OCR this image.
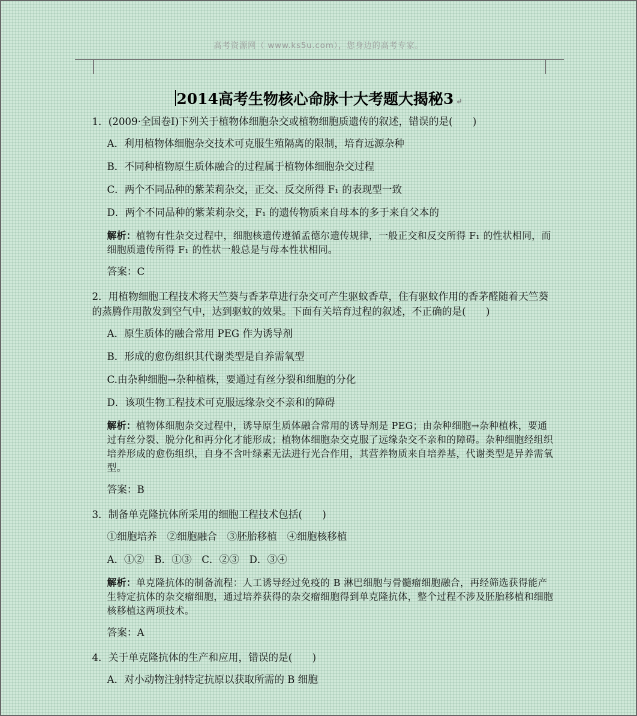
高考资源网（ www.ks5u.com），您身边的高考专家。
2014高考生物核心命脉十大考题大揭秘3 ↵
1．(2009·全国卷Ⅰ)下列关于植物体细胞杂交或植物细胞质遗传的叙述，错误的是(　　)
A．利用植物体细胞杂交技术可克服生殖隔离的限制，培育远源杂种
B．不同种植物原生质体融合的过程属于植物体细胞杂交过程
C．两个不同品种的紫茉莉杂交，正交、反交所得 F₁ 的表现型一致
D．两个不同品种的紫茉莉杂交，F₁ 的遗传物质来自母本的多于来自父本的
解析：植物有性杂交过程中，细胞核遗传遵循孟德尔遗传规律，一般正交和反交所得 F₁ 的性状相同，而细胞质遗传所得 F₁ 的性状一般总是与母本性状相同。
答案：C
2．用植物细胞工程技术将天竺葵与香茅草进行杂交可产生驱蚊香草，住有驱蚊作用的香茅醛随着天竺葵的蒸腾作用散发到空气中，达到驱蚊的效果。下面有关培育过程的叙述，不正确的是(　　)
A．原生质体的融合常用 PEG 作为诱导剂
B．形成的愈伤组织其代谢类型是自养需氧型
C.由杂种细胞→杂种植株，要通过有丝分裂和细胞的分化
D．该项生物工程技术可克服远缘杂交不亲和的障碍
解析：植物体细胞杂交过程中，诱导原生质体融合常用的诱导剂是 PEG；由杂种细胞→杂种植株，要通过有丝分裂、脱分化和再分化才能形成；植物体细胞杂交克服了远缘杂交不亲和的障碍。杂种细胞经组织培养形成的愈伤组织，自身不含叶绿素无法进行光合作用，其营养物质来自培养基，代谢类型是异养需氧型。
答案：B
3．制备单克隆抗体所采用的细胞工程技术包括(　　)
①细胞培养　②细胞融合　③胚胎移植　④细胞核移植
A．①②　B．①③　C．②③　D．③④
解析：单克隆抗体的制备流程：人工诱导经过免疫的 B 淋巴细胞与骨髓瘤细胞融合，再经筛选获得能产生特定抗体的杂交瘤细胞，通过培养获得的杂交瘤细胞得到单克隆抗体，整个过程不涉及胚胎移植和细胞核移植这两项技术。
答案：A
4．关于单克隆抗体的生产和应用，错误的是(　　)
A．对小动物注射特定抗原以获取所需的 B 细胞
